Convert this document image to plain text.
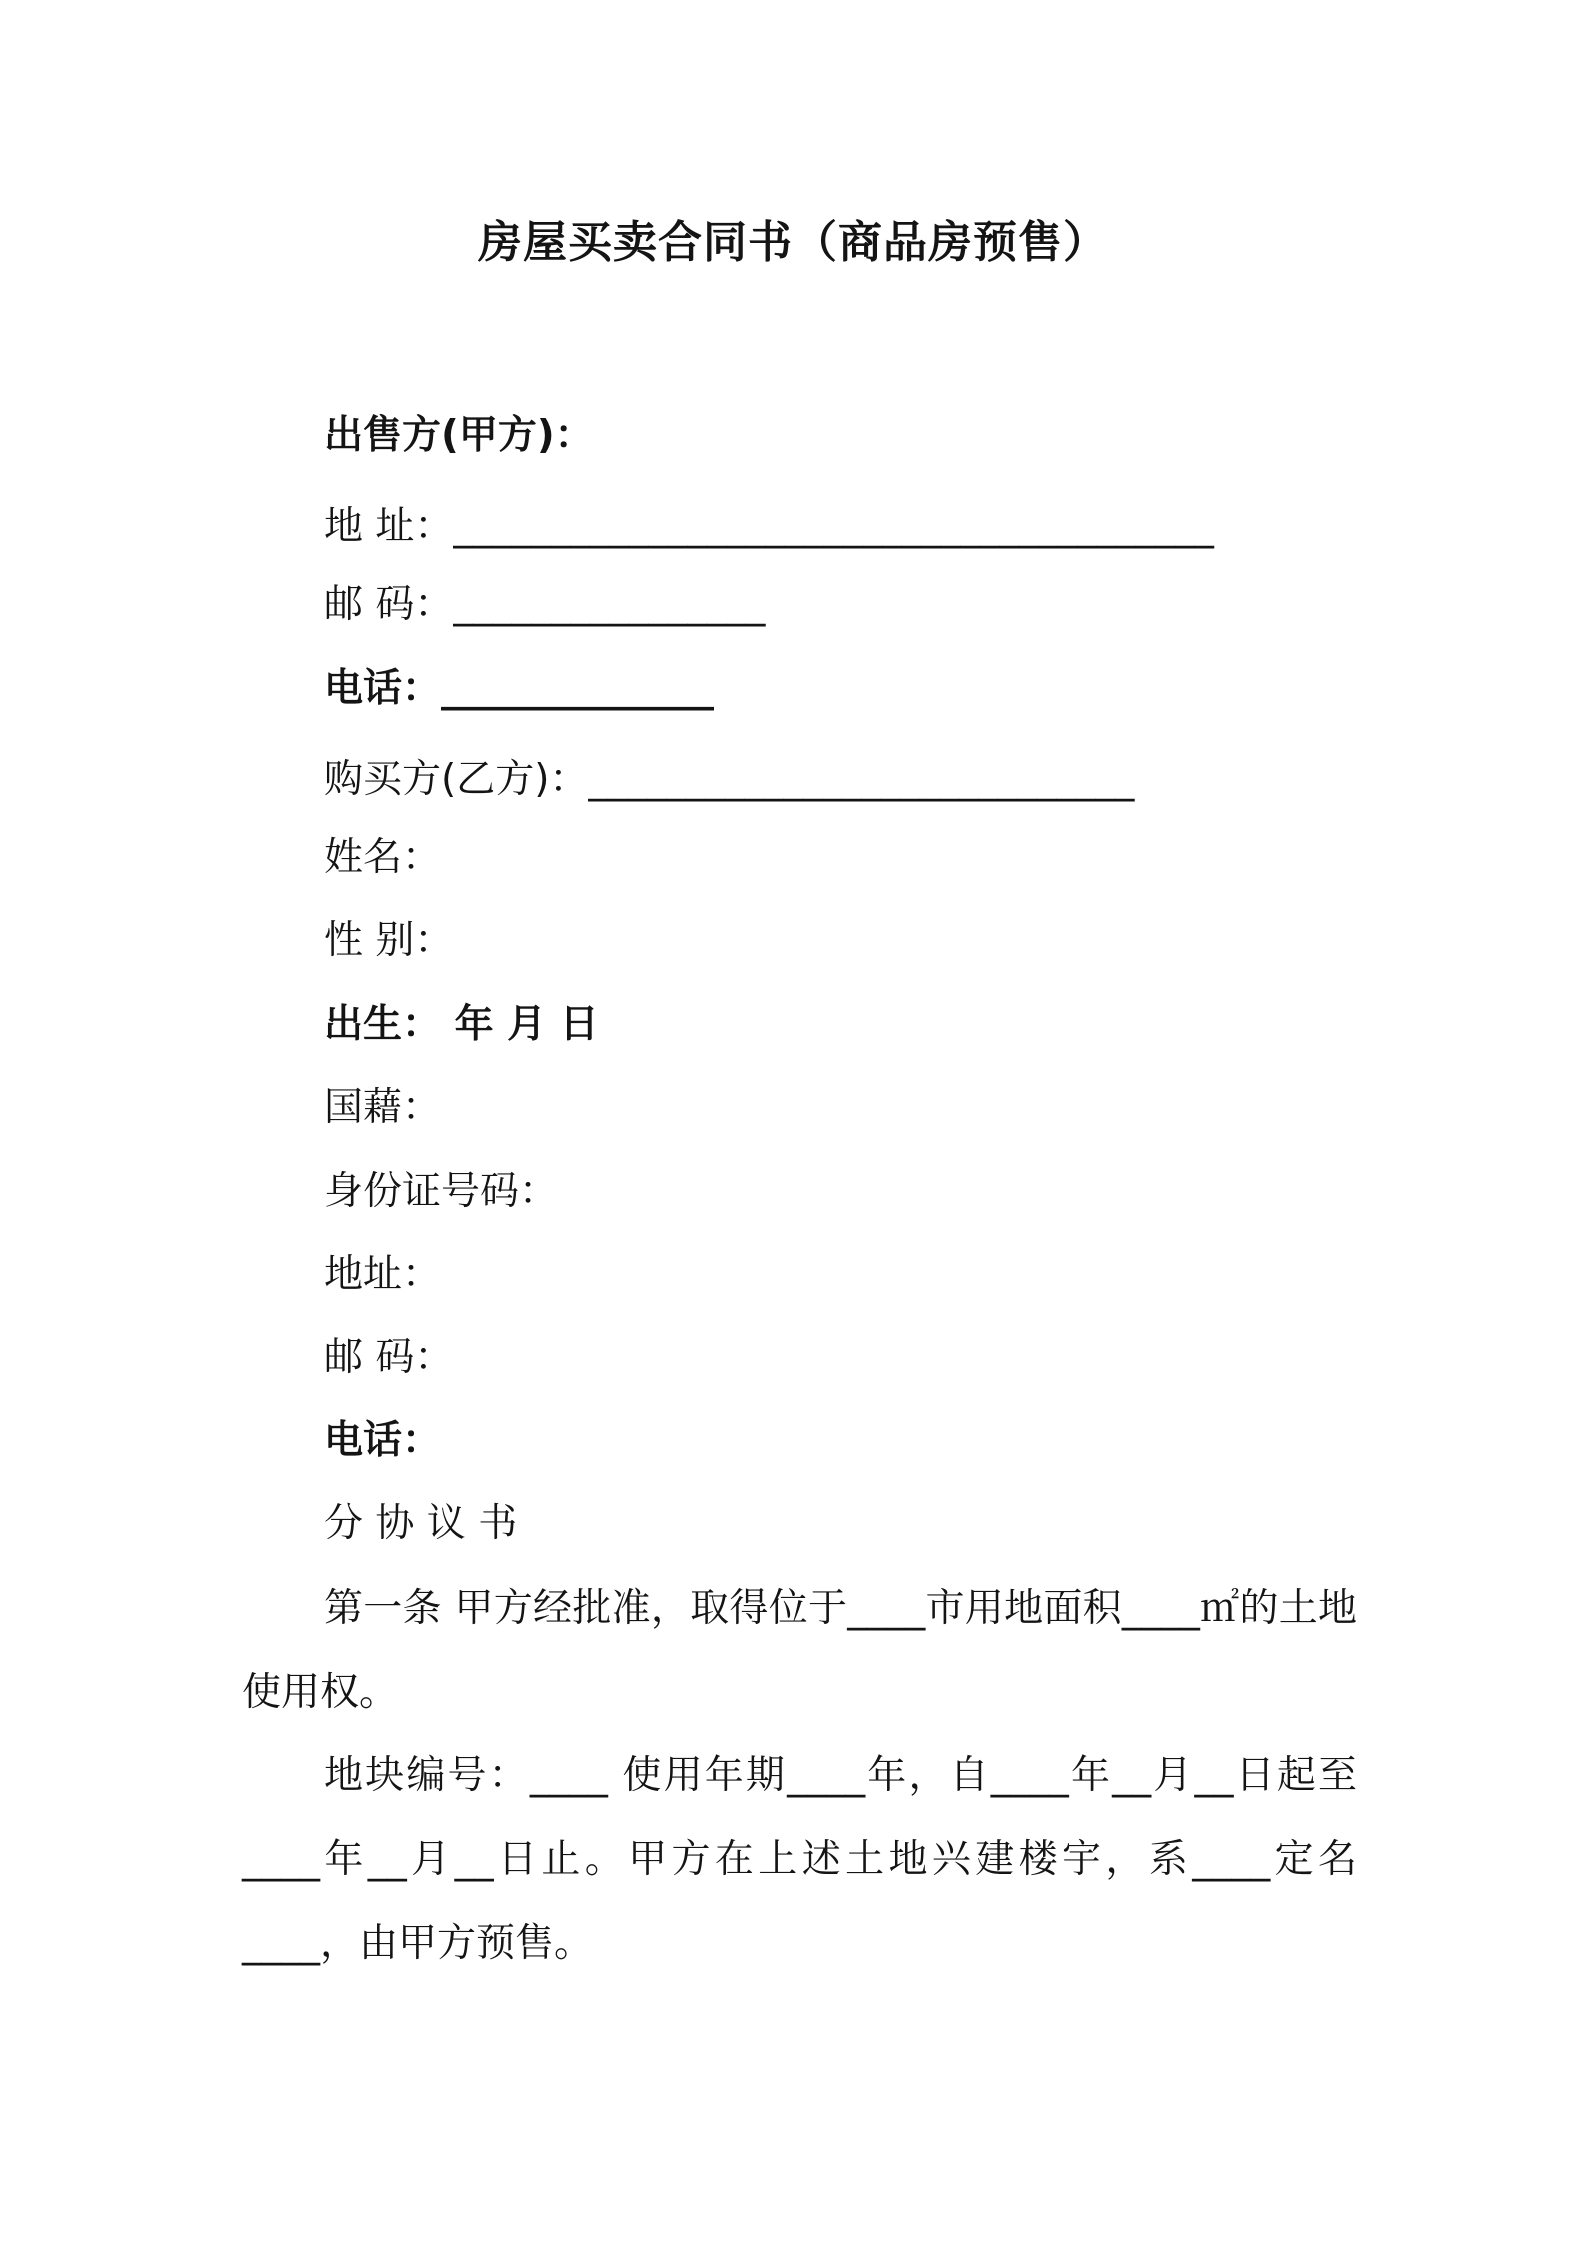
房屋买卖合同书（商品房预售）
出售方(甲方)：
地 址：_______________________________________
邮 码：________________
电话：______________
购买方(乙方)：____________________________
姓名：
性 别：
出生： 年 月 日
国藉：
身份证号码：
地址：
邮 码：
电话：
分 协 议 书

第一条 甲方经批准，取得位于____市用地面积____㎡的土地使用权。

地块编号：____ 使用年期____年，自____年__月__日起至____年__月__日止。甲方在上述土地兴建楼宇，系____定名____，由甲方预售。
